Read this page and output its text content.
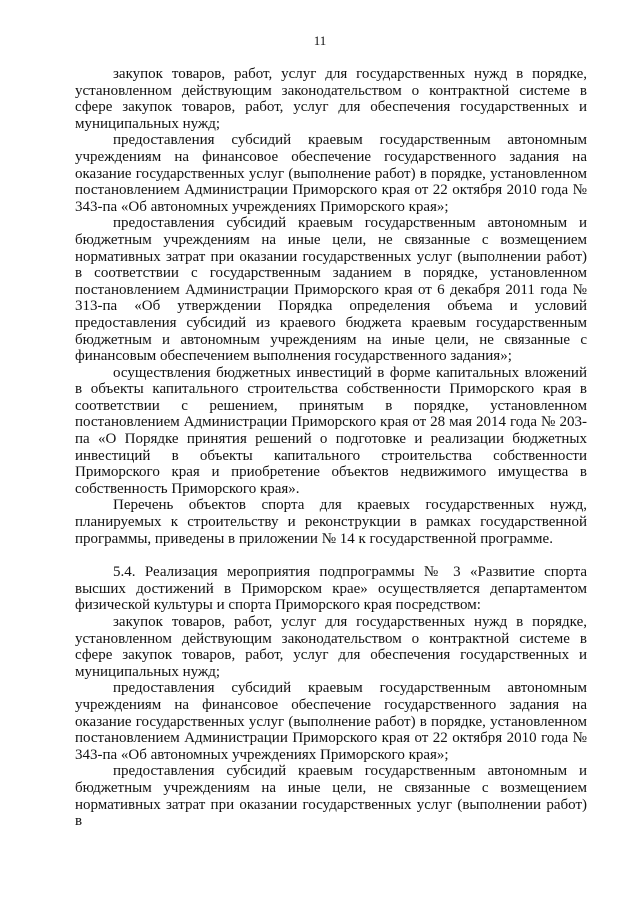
11

закупок товаров, работ, услуг для государственных нужд в порядке, установленном действующим законодательством о контрактной системе в сфере закупок товаров, работ, услуг для обеспечения государственных и муниципальных нужд;

предоставления субсидий краевым государственным автономным учреждениям на финансовое обеспечение государственного задания на оказание государственных услуг (выполнение работ) в порядке, установленном постановлением Администрации Приморского края от 22 октября 2010 года № 343-па «Об автономных учреждениях Приморского края»;

предоставления субсидий краевым государственным автономным и бюджетным учреждениям на иные цели, не связанные с возмещением нормативных затрат при оказании государственных услуг (выполнении работ) в соответствии с государственным заданием в порядке, установленном постановлением Администрации Приморского края от 6 декабря 2011 года № 313-па «Об утверждении Порядка определения объема и условий предоставления субсидий из краевого бюджета краевым государственным бюджетным и автономным учреждениям на иные цели, не связанные с финансовым обеспечением выполнения государственного задания»;

осуществления бюджетных инвестиций в форме капитальных вложений в объекты капитального строительства собственности Приморского края в соответствии с решением, принятым в порядке, установленном постановлением Администрации Приморского края от 28 мая 2014 года № 203-па «О Порядке принятия решений о подготовке и реализации бюджетных инвестиций в объекты капитального строительства собственности Приморского края и приобретение объектов недвижимого имущества в собственность Приморского края».

Перечень объектов спорта для краевых государственных нужд, планируемых к строительству и реконструкции в рамках государственной программы, приведены в приложении № 14 к государственной программе.

5.4. Реализация мероприятия подпрограммы № 3 «Развитие спорта высших достижений в Приморском крае» осуществляется департаментом физической культуры и спорта Приморского края посредством:

закупок товаров, работ, услуг для государственных нужд в порядке, установленном действующим законодательством о контрактной системе в сфере закупок товаров, работ, услуг для обеспечения государственных и муниципальных нужд;

предоставления субсидий краевым государственным автономным учреждениям на финансовое обеспечение государственного задания на оказание государственных услуг (выполнение работ) в порядке, установленном постановлением Администрации Приморского края от 22 октября 2010 года № 343-па «Об автономных учреждениях Приморского края»;

предоставления субсидий краевым государственным автономным и бюджетным учреждениям на иные цели, не связанные с возмещением нормативных затрат при оказании государственных услуг (выполнении работ) в
